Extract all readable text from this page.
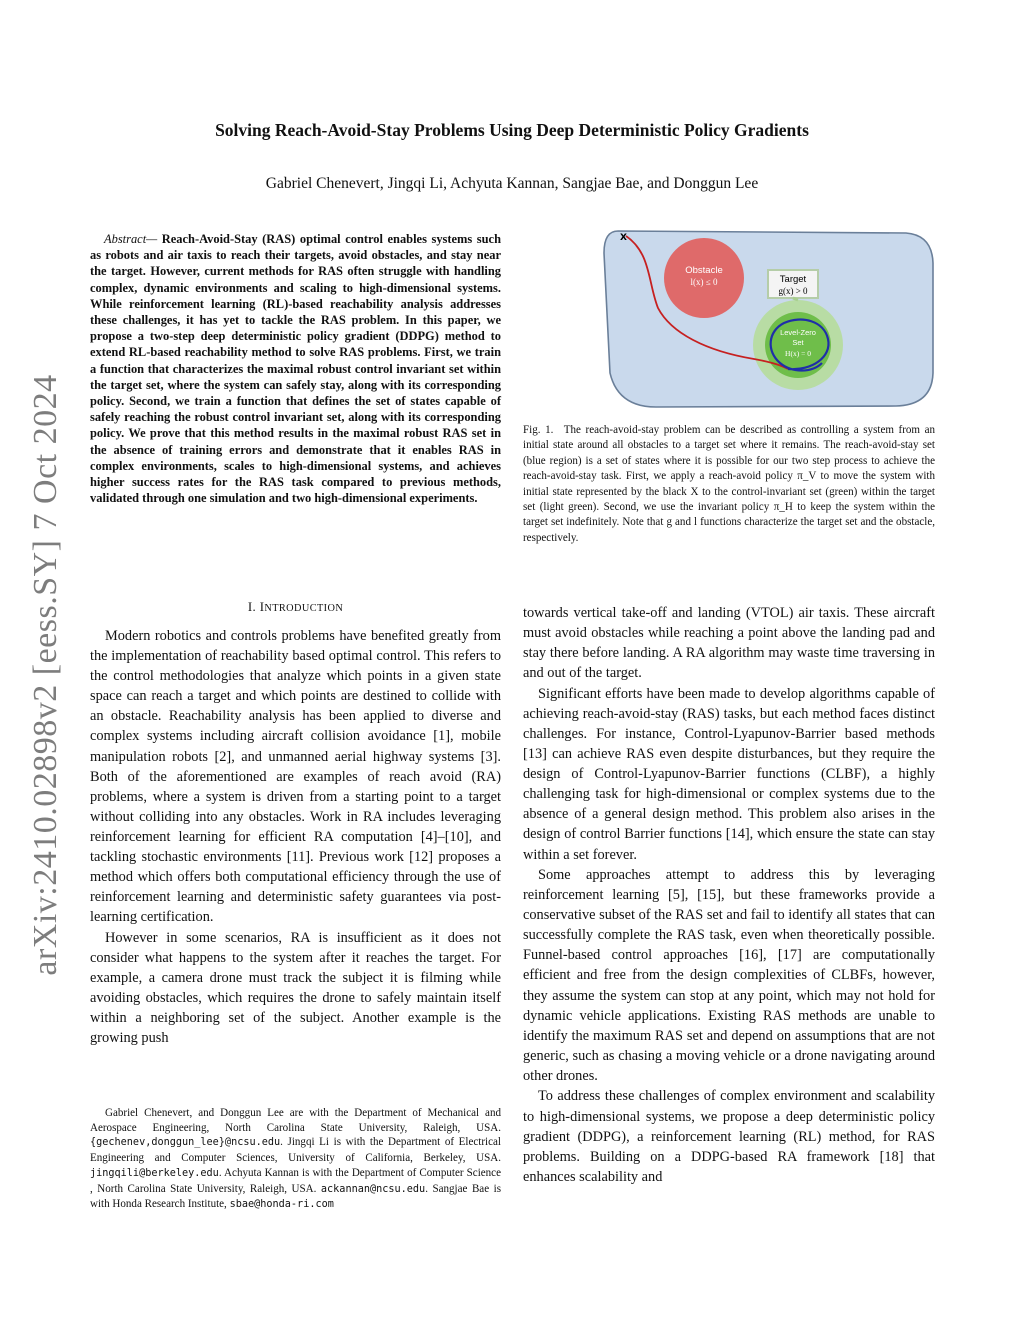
arXiv:2410.02898v2 [eess.SY] 7 Oct 2024
Solving Reach-Avoid-Stay Problems Using Deep Deterministic Policy Gradients
Gabriel Chenevert, Jingqi Li, Achyuta Kannan, Sangjae Bae, and Donggun Lee
Abstract— Reach-Avoid-Stay (RAS) optimal control enables systems such as robots and air taxis to reach their targets, avoid obstacles, and stay near the target. However, current methods for RAS often struggle with handling complex, dynamic environments and scaling to high-dimensional systems. While reinforcement learning (RL)-based reachability analysis addresses these challenges, it has yet to tackle the RAS problem. In this paper, we propose a two-step deep deterministic policy gradient (DDPG) method to extend RL-based reachability method to solve RAS problems. First, we train a function that characterizes the maximal robust control invariant set within the target set, where the system can safely stay, along with its corresponding policy. Second, we train a function that defines the set of states capable of safely reaching the robust control invariant set, along with its corresponding policy. We prove that this method results in the maximal robust RAS set in the absence of training errors and demonstrate that it enables RAS in complex environments, scales to high-dimensional systems, and achieves higher success rates for the RAS task compared to previous methods, validated through one simulation and two high-dimensional experiments.
I. INTRODUCTION

Modern robotics and controls problems have benefited greatly from the implementation of reachability based optimal control. This refers to the control methodologies that analyze which points in a given state space can reach a target and which points are destined to collide with an obstacle. Reachability analysis has been applied to diverse and complex systems including aircraft collision avoidance [1], mobile manipulation robots [2], and unmanned aerial highway systems [3]. Both of the aforementioned are examples of reach avoid (RA) problems, where a system is driven from a starting point to a target without colliding into any obstacles. Work in RA includes leveraging reinforcement learning for efficient RA computation [4]–[10], and tackling stochastic environments [11]. Previous work [12] proposes a method which offers both computational efficiency through the use of reinforcement learning and deterministic safety guarantees via post-learning certification.

However in some scenarios, RA is insufficient as it does not consider what happens to the system after it reaches the target. For example, a camera drone must track the subject it is filming while avoiding obstacles, which requires the drone to safely maintain itself within a neighboring set of the subject. Another example is the growing push

Gabriel Chenevert, and Donggun Lee are with the Department of Mechanical and Aerospace Engineering, North Carolina State University, Raleigh, USA. {gechenev,donggun_lee}@ncsu.edu. Jingqi Li is with the Department of Electrical Engineering and Computer Sciences, University of California, Berkeley, USA. jingqili@berkeley.edu. Achyuta Kannan is with the Department of Computer Science , North Carolina State University, Raleigh, USA. ackannan@ncsu.edu. Sangjae Bae is with Honda Research Institute, sbae@honda-ri.com

Obstacle
l(x) ≤ 0
X
Level-Zero
Set
H(x) = 0
Target
g(x) > 0
Fig. 1. The reach-avoid-stay problem can be described as controlling a system from an initial state around all obstacles to a target set where it remains. The reach-avoid-stay set (blue region) is a set of states where it is possible for our two step process to achieve the reach-avoid-stay task. First, we apply a reach-avoid policy π_V to move the system with initial state represented by the black X to the control-invariant set (green) within the target set (light green). Second, we use the invariant policy π_H to keep the system within the target set indefinitely. Note that g and l functions characterize the target set and the obstacle, respectively.

towards vertical take-off and landing (VTOL) air taxis. These aircraft must avoid obstacles while reaching a point above the landing pad and stay there before landing. A RA algorithm may waste time traversing in and out of the target.

Significant efforts have been made to develop algorithms capable of achieving reach-avoid-stay (RAS) tasks, but each method faces distinct challenges. For instance, Control-Lyapunov-Barrier based methods [13] can achieve RAS even despite disturbances, but they require the design of Control-Lyapunov-Barrier functions (CLBF), a highly challenging task for high-dimensional or complex systems due to the absence of a general design method. This problem also arises in the design of control Barrier functions [14], which ensure the state can stay within a set forever.

Some approaches attempt to address this by leveraging reinforcement learning [5], [15], but these frameworks provide a conservative subset of the RAS set and fail to identify all states that can successfully complete the RAS task, even when theoretically possible. Funnel-based control approaches [16], [17] are computationally efficient and free from the design complexities of CLBFs, however, they assume the system can stop at any point, which may not hold for dynamic vehicle applications. Existing RAS methods are unable to identify the maximum RAS set and depend on assumptions that are not generic, such as chasing a moving vehicle or a drone navigating around other drones.

To address these challenges of complex environment and scalability to high-dimensional systems, we propose a deep deterministic policy gradient (DDPG), a reinforcement learning (RL) method, for RAS problems. Building on a DDPG-based RA framework [18] that enhances scalability and
